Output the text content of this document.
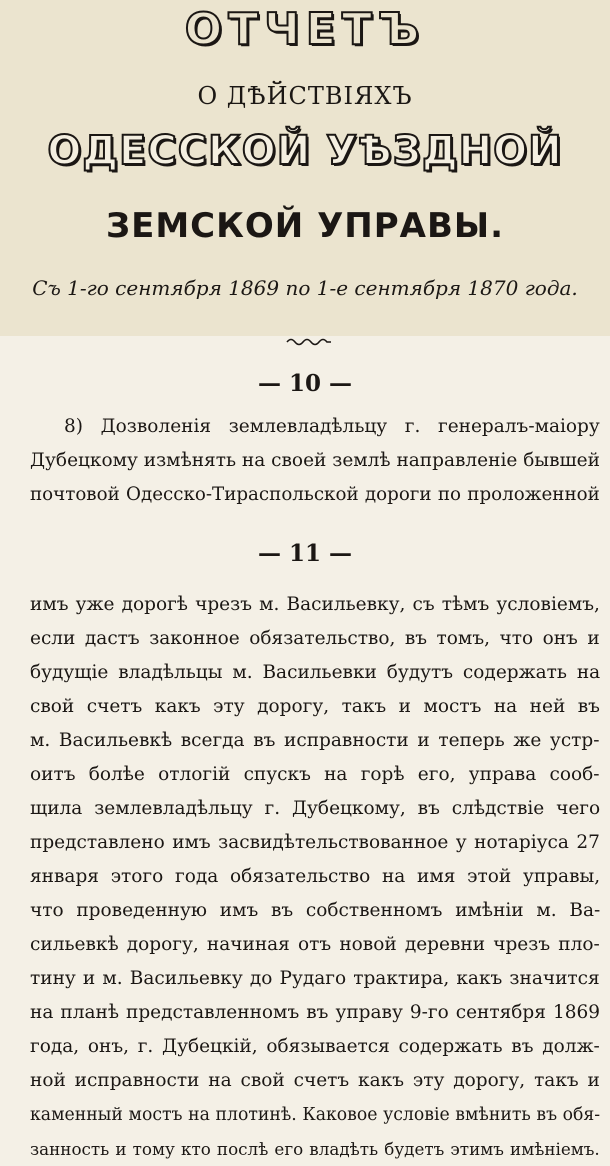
ОТЧЕТЪ
О ДѢЙСТВІЯХЪ
ОДЕССКОЙ УѢЗДНОЙ
ЗЕМСКОЙ УПРАВЫ.
Съ 1-го сентября 1869 по 1-е сентября 1870 года.
— 10 —
8) Дозволенія землевладѣльцу г. генералъ-маіору
Дубецкому измѣнять на своей землѣ направленіе бывшей
почтовой Одесско-Тираспольской дороги по проложенной
— 11 —
имъ уже дорогѣ чрезъ м. Васильевку, съ тѣмъ условіемъ,
если дастъ законное обязательство, въ томъ, что онъ и
будущіе владѣльцы м. Васильевки будутъ содержать на
свой счетъ какъ эту дорогу, такъ и мостъ на ней въ
м. Васильевкѣ всегда въ исправности и теперь же устр-
оитъ болѣе отлогій спускъ на горѣ его, управа сооб-
щила землевладѣльцу г. Дубецкому, въ слѣдствіе чего
представлено имъ засвидѣтельствованное у нотаріуса 27
января этого года обязательство на имя этой управы,
что проведенную имъ въ собственномъ имѣніи м. Ва-
сильевкѣ дорогу, начиная отъ новой деревни чрезъ пло-
тину и м. Васильевку до Рудаго трактира, какъ значится
на планѣ представленномъ въ управу 9-го сентября 1869
года, онъ, г. Дубецкій, обязывается содержать въ долж-
ной исправности на свой счетъ какъ эту дорогу, такъ и
каменный мостъ на плотинѣ. Каковое условіе вмѣнить въ обя-
занность и тому кто послѣ его владѣть будетъ этимъ имѣніемъ.
